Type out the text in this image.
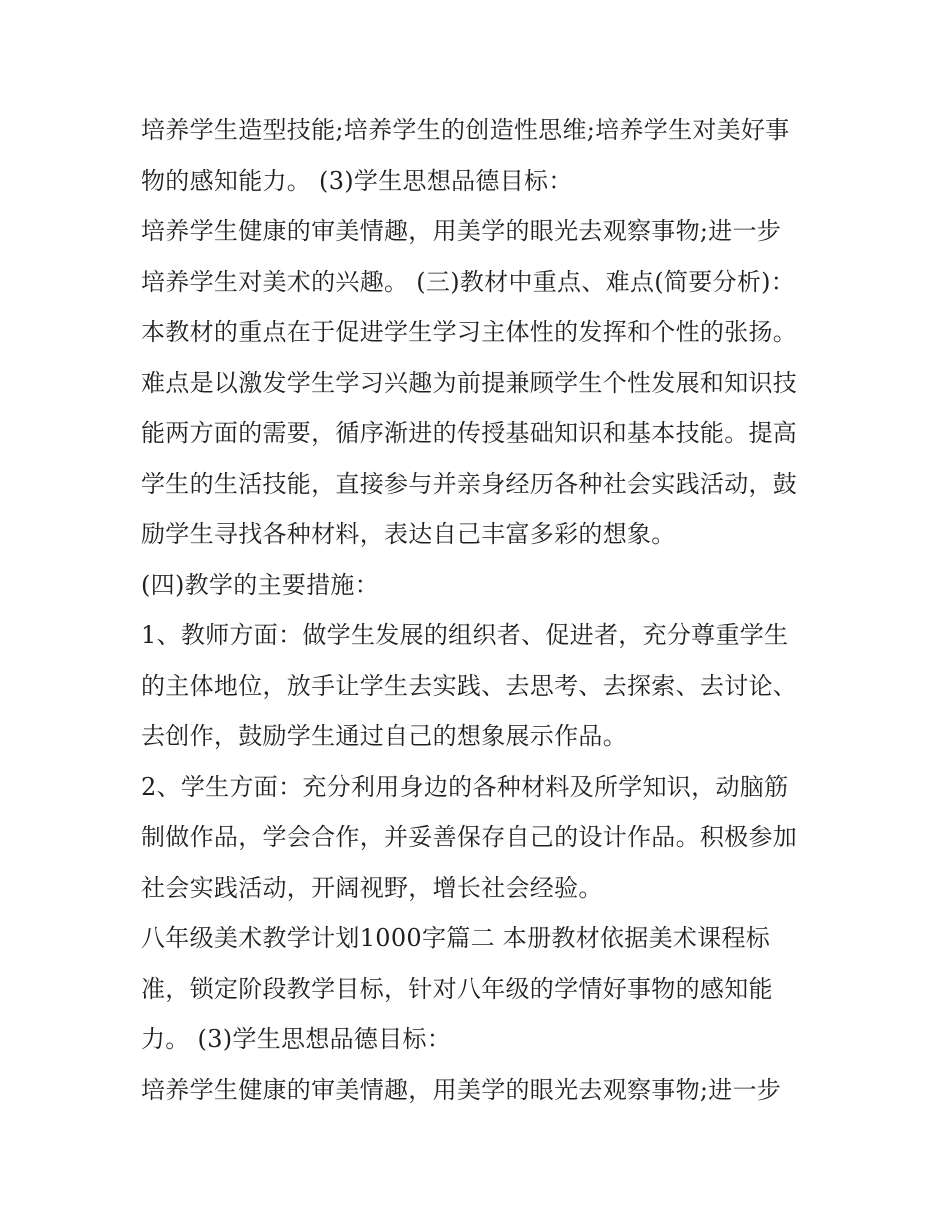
培养学生造型技能;培养学生的创造性思维;培养学生对美好事
物的感知能力。 (3)学生思想品德目标：
培养学生健康的审美情趣，用美学的眼光去观察事物;进一步
培养学生对美术的兴趣。 (三)教材中重点、难点(简要分析)：
本教材的重点在于促进学生学习主体性的发挥和个性的张扬。
难点是以激发学生学习兴趣为前提兼顾学生个性发展和知识技
能两方面的需要，循序渐进的传授基础知识和基本技能。提高
学生的生活技能，直接参与并亲身经历各种社会实践活动，鼓
励学生寻找各种材料，表达自己丰富多彩的想象。
(四)教学的主要措施：
1、教师方面：做学生发展的组织者、促进者，充分尊重学生
的主体地位，放手让学生去实践、去思考、去探索、去讨论、
去创作，鼓励学生通过自己的想象展示作品。
2、学生方面：充分利用身边的各种材料及所学知识，动脑筋
制做作品，学会合作，并妥善保存自己的设计作品。积极参加
社会实践活动，开阔视野，增长社会经验。
八年级美术教学计划1000字篇二 本册教材依据美术课程标
准，锁定阶段教学目标，针对八年级的学情好事物的感知能
力。 (3)学生思想品德目标：
培养学生健康的审美情趣，用美学的眼光去观察事物;进一步
